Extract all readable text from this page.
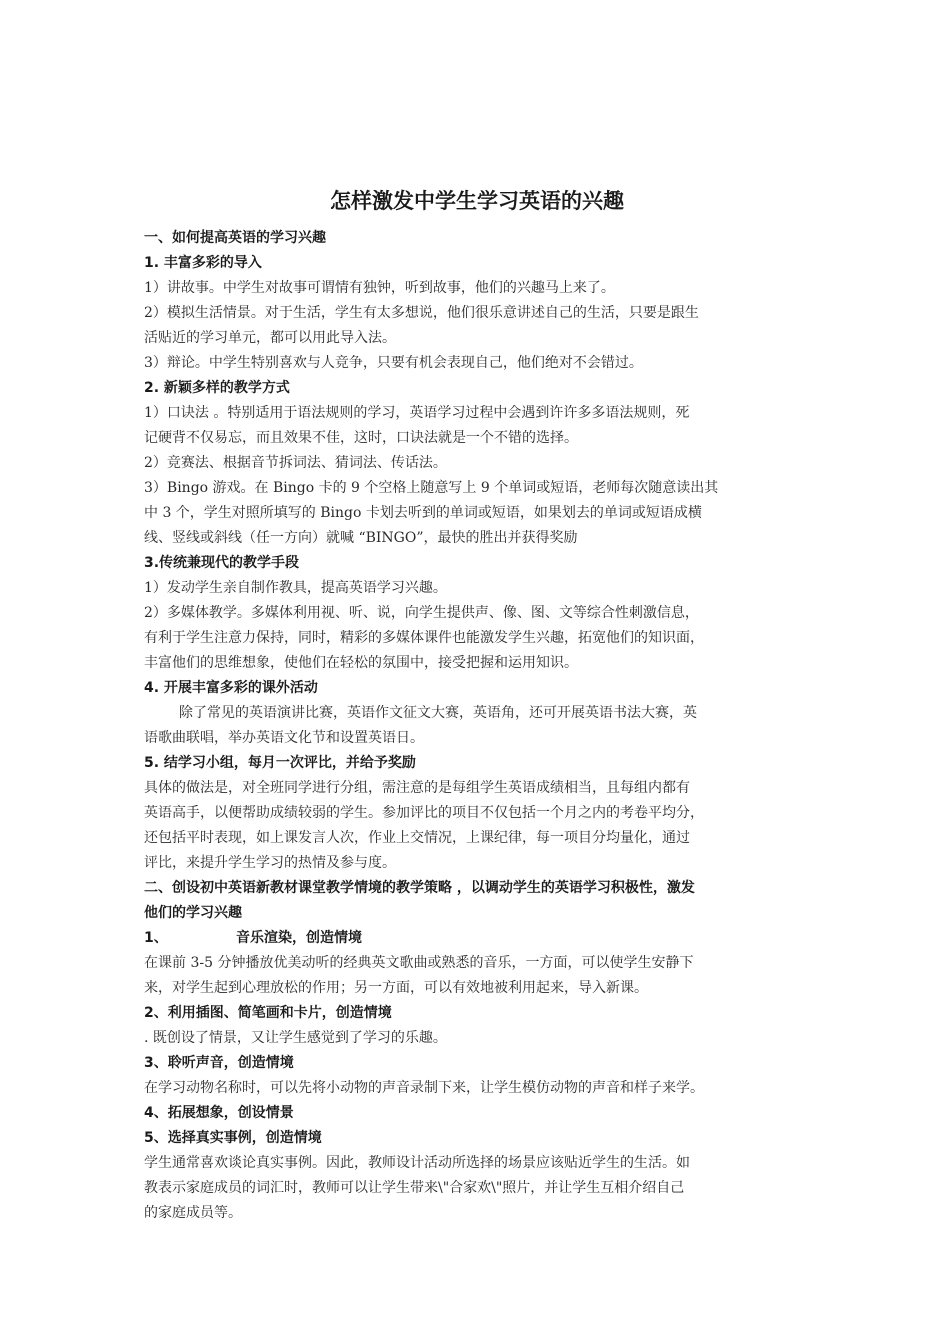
怎样激发中学生学习英语的兴趣

一、如何提高英语的学习兴趣

1. 丰富多彩的导入

1）讲故事。中学生对故事可谓情有独钟，听到故事，他们的兴趣马上来了。

2）模拟生活情景。对于生活，学生有太多想说，他们很乐意讲述自己的生活，只要是跟生

活贴近的学习单元，都可以用此导入法。

3）辩论。中学生特别喜欢与人竞争，只要有机会表现自己，他们绝对不会错过。

2. 新颖多样的教学方式

1）口诀法 。特别适用于语法规则的学习，英语学习过程中会遇到许许多多语法规则，死

记硬背不仅易忘，而且效果不佳，这时，口诀法就是一个不错的选择。

2）竞赛法、根据音节拆词法、猜词法、传话法。

3）Bingo 游戏。在 Bingo 卡的 9 个空格上随意写上 9 个单词或短语，老师每次随意读出其

中 3 个，学生对照所填写的 Bingo 卡划去听到的单词或短语，如果划去的单词或短语成横

线、竖线或斜线（任一方向）就喊 “BINGO”，最快的胜出并获得奖励

3.传统兼现代的教学手段

1）发动学生亲自制作教具，提高英语学习兴趣。

2）多媒体教学。多媒体利用视、听、说，向学生提供声、像、图、文等综合性刺激信息，

有利于学生注意力保持，同时，精彩的多媒体课件也能激发学生兴趣，拓宽他们的知识面，

丰富他们的思维想象，使他们在轻松的氛围中，接受把握和运用知识。

4. 开展丰富多彩的课外活动

除了常见的英语演讲比赛，英语作文征文大赛，英语角，还可开展英语书法大赛，英

语歌曲联唱，举办英语文化节和设置英语日。

5. 结学习小组，每月一次评比，并给予奖励

具体的做法是，对全班同学进行分组，需注意的是每组学生英语成绩相当，且每组内都有

英语高手，以便帮助成绩较弱的学生。参加评比的项目不仅包括一个月之内的考卷平均分，

还包括平时表现，如上课发言人次，作业上交情况，上课纪律，每一项目分均量化，通过

评比，来提升学生学习的热情及参与度。

二、创设初中英语新教材课堂教学情境的教学策略 ，以调动学生的英语学习积极性，激发

他们的学习兴趣

1、              音乐渲染，创造情境

在课前 3-5 分钟播放优美动听的经典英文歌曲或熟悉的音乐，一方面，可以使学生安静下

来，对学生起到心理放松的作用；另一方面，可以有效地被利用起来，导入新课。

2、利用插图、简笔画和卡片，创造情境

. 既创设了情景，又让学生感觉到了学习的乐趣。

3、聆听声音，创造情境

在学习动物名称时，可以先将小动物的声音录制下来，让学生模仿动物的声音和样子来学。

4、拓展想象，创设情景

5、选择真实事例，创造情境

学生通常喜欢谈论真实事例。因此，教师设计活动所选择的场景应该贴近学生的生活。如

教表示家庭成员的词汇时，教师可以让学生带来\"合家欢\"照片，并让学生互相介绍自己

的家庭成员等。
